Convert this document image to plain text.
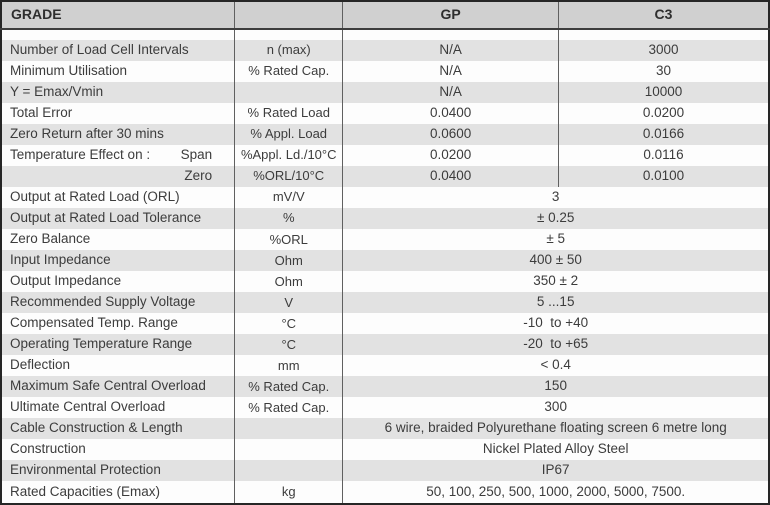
GRADE		GP	C3

Number of Load Cell Intervals	n (max)	N/A	3000
Minimum Utilisation	% Rated Cap.	N/A	30
Y = Emax/Vmin		N/A	10000
Total Error	% Rated Load	0.0400	0.0200
Zero Return after 30 mins	% Appl. Load	0.0600	0.0166
Temperature Effect on : Span	%Appl. Ld./10°C	0.0200	0.0116

Zero	%ORL/10°C	0.0400	0.0100
Output at Rated Load (ORL)	mV/V	3	
Output at Rated Load Tolerance	%	± 0.25	
Zero Balance	%ORL	± 5	
Input Impedance	Ohm	400 ± 50	
Output Impedance	Ohm	350 ± 2	
Recommended Supply Voltage	V	5 ...15	
Compensated Temp. Range	°C	-10  to +40	
Operating Temperature Range	°C	-20  to +65	
Deflection	mm	< 0.4	
Maximum Safe Central Overload	% Rated Cap.	150	
Ultimate Central Overload	% Rated Cap.	300	
Cable Construction & Length		6 wire, braided Polyurethane floating screen 6 metre long	
Construction		Nickel Plated Alloy Steel	
Environmental Protection		IP67	
Rated Capacities (Emax)	kg	50, 100, 250, 500, 1000, 2000, 5000, 7500.	
